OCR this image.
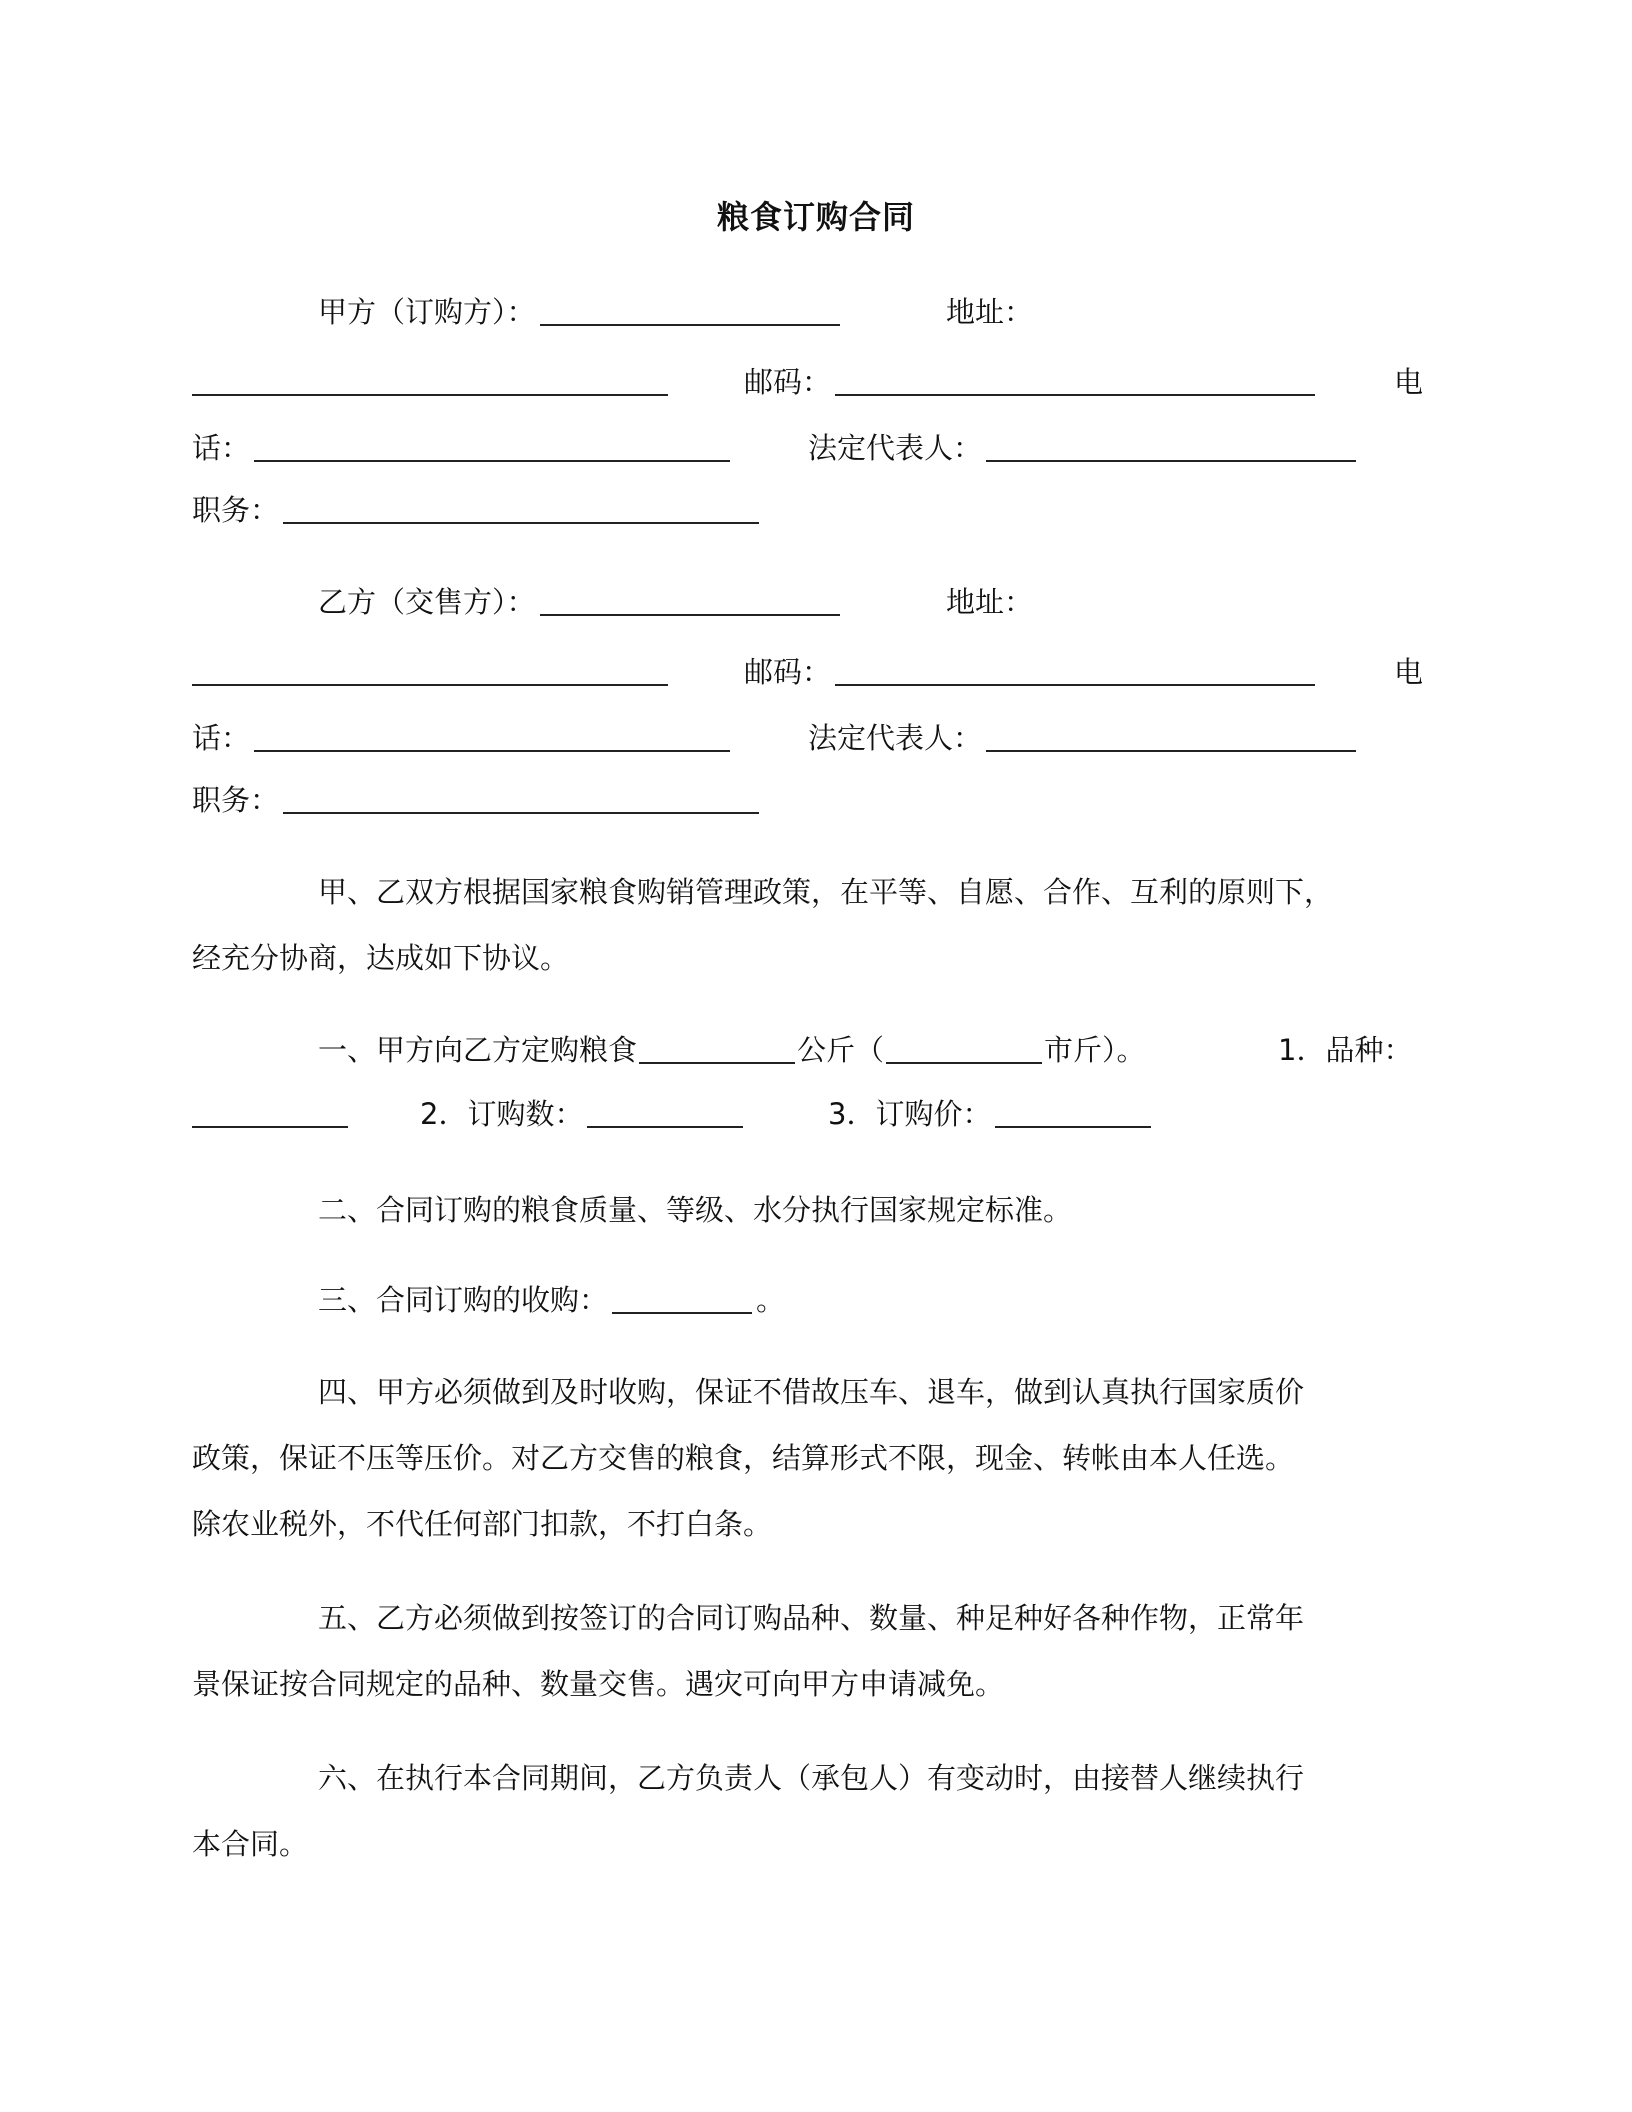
粮食订购合同
甲方（订购方）：	地址：
邮码：	电
话：	法定代表人：
职务：
乙方（交售方）：	地址：
邮码：	电
话：	法定代表人：
职务：
甲、乙双方根据国家粮食购销管理政策，在平等、自愿、合作、互利的原则下，
经充分协商，达成如下协议。
一、甲方向乙方定购粮食	公斤（	市斤）。	1．品种：
2．订购数：	3．订购价：
二、合同订购的粮食质量、等级、水分执行国家规定标准。
三、合同订购的收购：	。
四、甲方必须做到及时收购，保证不借故压车、退车，做到认真执行国家质价
政策，保证不压等压价。对乙方交售的粮食，结算形式不限，现金、转帐由本人任选。
除农业税外，不代任何部门扣款，不打白条。
五、乙方必须做到按签订的合同订购品种、数量、种足种好各种作物，正常年
景保证按合同规定的品种、数量交售。遇灾可向甲方申请减免。
六、在执行本合同期间，乙方负责人（承包人）有变动时，由接替人继续执行
本合同。
